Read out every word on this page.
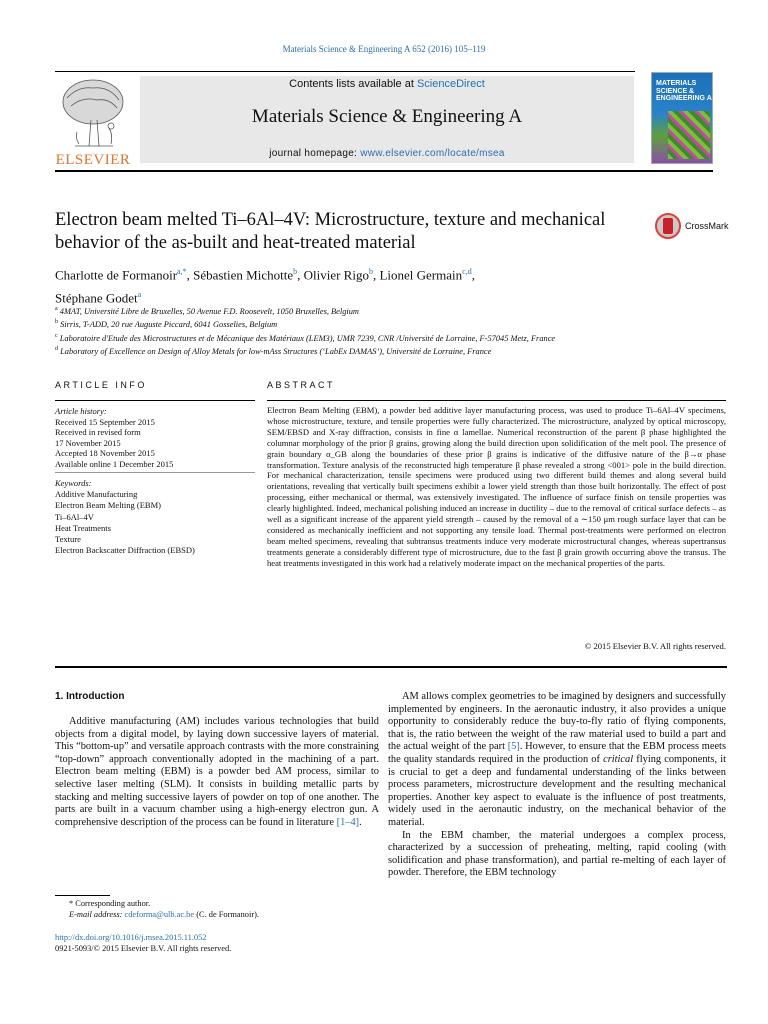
Materials Science & Engineering A 652 (2016) 105–119
ELSEVIER
Contents lists available at ScienceDirect
Materials Science & Engineering A
journal homepage: www.elsevier.com/locate/msea
MATERIALS SCIENCE & ENGINEERING A
Electron beam melted Ti–6Al–4V: Microstructure, texture and mechanical behavior of the as-built and heat-treated material
CrossMark
Charlotte de Formanoir$^{a,*}$, Sébastien Michotte$^b$, Olivier Rigo$^b$, Lionel Germain$^{c,d}$,
Stéphane Godet$^a$
$^a$ 4MAT, Université Libre de Bruxelles, 50 Avenue F.D. Roosevelt, 1050 Bruxelles, Belgium
$^b$ Sirris, T-ADD, 20 rue Auguste Piccard, 6041 Gosselies, Belgium
$^c$ Laboratoire d'Etude des Microstructures et de Mécanique des Matériaux (LEM3), UMR 7239, CNR /Université de Lorraine, F-57045 Metz, France
$^d$ Laboratory of Excellence on Design of Alloy Metals for low-mAss Structures (‘LabEx DAMAS’), Université de Lorraine, France
ARTICLE INFO	ABSTRACT
Article history:
Received 15 September 2015
Received in revised form
17 November 2015
Accepted 18 November 2015
Available online 1 December 2015
Keywords:
Additive Manufacturing
Electron Beam Melting (EBM)
Ti–6Al–4V
Heat Treatments
Texture
Electron Backscatter Diffraction (EBSD)
Electron Beam Melting (EBM), a powder bed additive layer manufacturing process, was used to produce Ti–6Al–4V specimens, whose microstructure, texture, and tensile properties were fully characterized. The microstructure, analyzed by optical microscopy, SEM/EBSD and X-ray diffraction, consists in fine α lamellae. Numerical reconstruction of the parent β phase highlighted the columnar morphology of the prior β grains, growing along the build direction upon solidification of the melt pool. The presence of grain boundary α_GB along the boundaries of these prior β grains is indicative of the diffusive nature of the β→α phase transformation. Texture analysis of the reconstructed high temperature β phase revealed a strong <001> pole in the build direction. For mechanical characterization, tensile specimens were produced using two different build themes and along several build orientations, revealing that vertically built specimens exhibit a lower yield strength than those built horizontally. The effect of post processing, either mechanical or thermal, was extensively investigated. The influence of surface finish on tensile properties was clearly highlighted. Indeed, mechanical polishing induced an increase in ductility – due to the removal of critical surface defects – as well as a significant increase of the apparent yield strength – caused by the removal of a ∼150 μm rough surface layer that can be considered as mechanically inefficient and not supporting any tensile load. Thermal post-treatments were performed on electron beam melted specimens, revealing that subtransus treatments induce very moderate microstructural changes, whereas supertransus treatments generate a considerably different type of microstructure, due to the fast β grain growth occurring above the transus. The heat treatments investigated in this work had a relatively moderate impact on the mechanical properties of the parts.
© 2015 Elsevier B.V. All rights reserved.
1. Introduction
Additive manufacturing (AM) includes various technologies that build objects from a digital model, by laying down successive layers of material. This “bottom-up” and versatile approach contrasts with the more constraining “top-down” approach conventionally adopted in the machining of a part. Electron beam melting (EBM) is a powder bed AM process, similar to selective laser melting (SLM). It consists in building metallic parts by stacking and melting successive layers of powder on top of one another. The parts are built in a vacuum chamber using a high-energy electron gun. A comprehensive description of the process can be found in literature [1–4].

AM allows complex geometries to be imagined by designers and successfully implemented by engineers. In the aeronautic industry, it also provides a unique opportunity to considerably reduce the buy-to-fly ratio of flying components, that is, the ratio between the weight of the raw material used to build a part and the actual weight of the part [5]. However, to ensure that the EBM process meets the quality standards required in the production of critical flying components, it is crucial to get a deep and fundamental understanding of the links between process parameters, microstructure development and the resulting mechanical properties. Another key aspect to evaluate is the influence of post treatments, widely used in the aeronautic industry, on the mechanical behavior of the material.

In the EBM chamber, the material undergoes a complex process, characterized by a succession of preheating, melting, rapid cooling (with solidification and phase transformation), and partial re-melting of each layer of powder. Therefore, the EBM technology

* Corresponding author.
E-mail address: cdeforma@ulb.ac.be (C. de Formanoir).
http://dx.doi.org/10.1016/j.msea.2015.11.052
0921-5093/© 2015 Elsevier B.V. All rights reserved.
